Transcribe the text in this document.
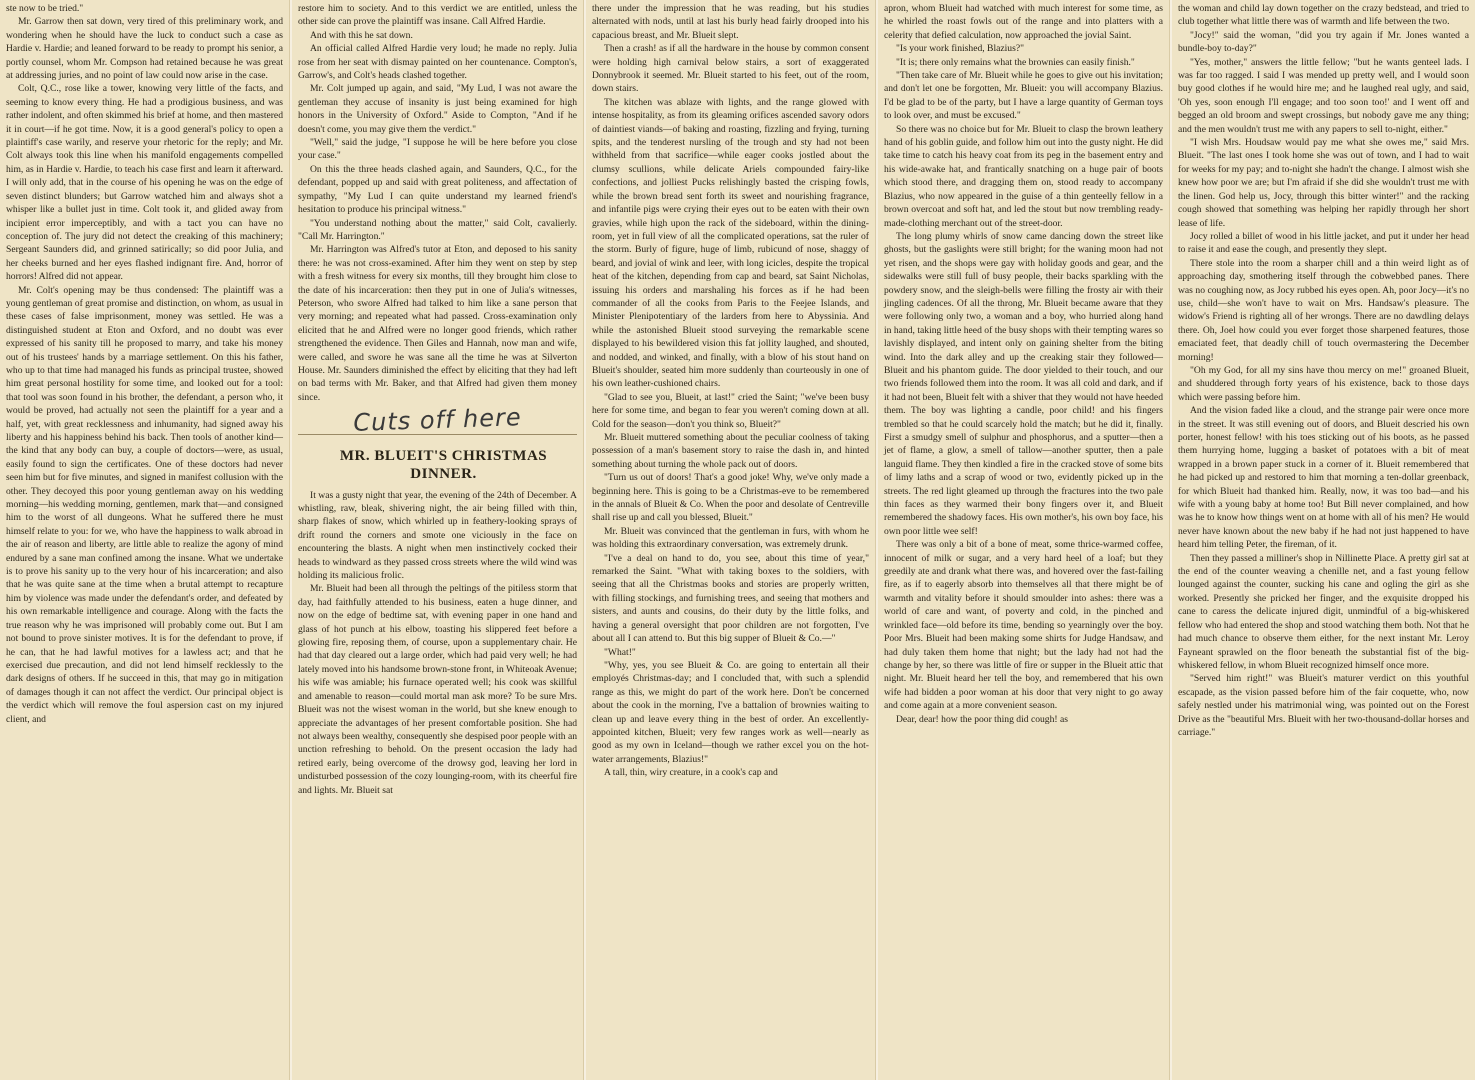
ste now to be tried."

Mr. Garrow then sat down, very tired of this preliminary work, and wondering when he should have the luck to conduct such a case as Hardie v. Hardie; and leaned forward to be ready to prompt his senior, a portly counsel, whom Mr. Compson had retained because he was great at addressing juries, and no point of law could now arise in the case.

Colt, Q.C., rose like a tower, knowing very little of the facts, and seeming to know every thing. He had a prodigious business, and was rather indolent, and often skimmed his brief at home, and then mastered it in court—if he got time. Now, it is a good general's policy to open a plaintiff's case warily, and reserve your rhetoric for the reply; and Mr. Colt always took this line when his manifold engagements compelled him, as in Hardie v. Hardie, to teach his case first and learn it afterward. I will only add, that in the course of his opening he was on the edge of seven distinct blunders; but Garrow watched him and always shot a whisper like a bullet just in time. Colt took it, and glided away from incipient error imperceptibly, and with a tact you can have no conception of. The jury did not detect the creaking of this machinery; Sergeant Saunders did, and grinned satirically; so did poor Julia, and her cheeks burned and her eyes flashed indignant fire. And, horror of horrors! Alfred did not appear.

Mr. Colt's opening may be thus condensed: The plaintiff was a young gentleman of great promise and distinction, on whom, as usual in these cases of false imprisonment, money was settled. He was a distinguished student at Eton and Oxford, and no doubt was ever expressed of his sanity till he proposed to marry, and take his money out of his trustees' hands by a marriage settlement. On this his father, who up to that time had managed his funds as principal trustee, showed him great personal hostility for some time, and looked out for a tool: that tool was soon found in his brother, the defendant, a person who, it would be proved, had actually not seen the plaintiff for a year and a half, yet, with great recklessness and inhumanity, had signed away his liberty and his happiness behind his back. Then tools of another kind—the kind that any body can buy, a couple of doctors—were, as usual, easily found to sign the certificates. One of these doctors had never seen him but for five minutes, and signed in manifest collusion with the other. They decoyed this poor young gentleman away on his wedding morning—his wedding morning, gentlemen, mark that—and consigned him to the worst of all dungeons. What he suffered there he must himself relate to you: for we, who have the happiness to walk abroad in the air of reason and liberty, are little able to realize the agony of mind endured by a sane man confined among the insane. What we undertake is to prove his sanity up to the very hour of his incarceration; and also that he was quite sane at the time when a brutal attempt to recapture him by violence was made under the defendant's order, and defeated by his own remarkable intelligence and courage. Along with the facts the true reason why he was imprisoned will probably come out. But I am not bound to prove sinister motives. It is for the defendant to prove, if he can, that he had lawful motives for a lawless act; and that he exercised due precaution, and did not lend himself recklessly to the dark designs of others. If he succeed in this, that may go in mitigation of damages though it can not affect the verdict. Our principal object is the verdict which will remove the foul aspersion cast on my injured client, and

restore him to society. And to this verdict we are entitled, unless the other side can prove the plaintiff was insane. Call Alfred Hardie.

And with this he sat down.

An official called Alfred Hardie very loud; he made no reply. Julia rose from her seat with dismay painted on her countenance. Compton's, Garrow's, and Colt's heads clashed together.

Mr. Colt jumped up again, and said, "My Lud, I was not aware the gentleman they accuse of insanity is just being examined for high honors in the University of Oxford." Aside to Compton, "And if he doesn't come, you may give them the verdict."

"Well," said the judge, "I suppose he will be here before you close your case."

On this the three heads clashed again, and Saunders, Q.C., for the defendant, popped up and said with great politeness, and affectation of sympathy, "My Lud I can quite understand my learned friend's hesitation to produce his principal witness."

"You understand nothing about the matter," said Colt, cavalierly. "Call Mr. Harrington."

Mr. Harrington was Alfred's tutor at Eton, and deposed to his sanity there: he was not cross-examined. After him they went on step by step with a fresh witness for every six months, till they brought him close to the date of his incarceration: then they put in one of Julia's witnesses, Peterson, who swore Alfred had talked to him like a sane person that very morning; and repeated what had passed. Cross-examination only elicited that he and Alfred were no longer good friends, which rather strengthened the evidence. Then Giles and Hannah, now man and wife, were called, and swore he was sane all the time he was at Silverton House. Mr. Saunders diminished the effect by eliciting that they had left on bad terms with Mr. Baker, and that Alfred had given them money since.

Cuts off here

MR. BLUEIT'S CHRISTMAS

DINNER.

It was a gusty night that year, the evening of the 24th of December. A whistling, raw, bleak, shivering night, the air being filled with thin, sharp flakes of snow, which whirled up in feathery-looking sprays of drift round the corners and smote one viciously in the face on encountering the blasts. A night when men instinctively cocked their heads to windward as they passed cross streets where the wild wind was holding its malicious frolic.

Mr. Blueit had been all through the peltings of the pitiless storm that day, had faithfully attended to his business, eaten a huge dinner, and now on the edge of bedtime sat, with evening paper in one hand and glass of hot punch at his elbow, toasting his slippered feet before a glowing fire, reposing them, of course, upon a supplementary chair. He had that day cleared out a large order, which had paid very well; he had lately moved into his handsome brown-stone front, in Whiteoak Avenue; his wife was amiable; his furnace operated well; his cook was skillful and amenable to reason—could mortal man ask more? To be sure Mrs. Blueit was not the wisest woman in the world, but she knew enough to appreciate the advantages of her present comfortable position. She had not always been wealthy, consequently she despised poor people with an unction refreshing to behold. On the present occasion the lady had retired early, being overcome of the drowsy god, leaving her lord in undisturbed possession of the cozy lounging-room, with its cheerful fire and lights. Mr. Blueit sat

there under the impression that he was reading, but his studies alternated with nods, until at last his burly head fairly drooped into his capacious breast, and Mr. Blueit slept.

Then a crash! as if all the hardware in the house by common consent were holding high carnival below stairs, a sort of exaggerated Donnybrook it seemed. Mr. Blueit started to his feet, out of the room, down stairs.

The kitchen was ablaze with lights, and the range glowed with intense hospitality, as from its gleaming orifices ascended savory odors of daintiest viands—of baking and roasting, fizzling and frying, turning spits, and the tenderest nursling of the trough and sty had not been withheld from that sacrifice—while eager cooks jostled about the clumsy scullions, while delicate Ariels compounded fairy-like confections, and jolliest Pucks relishingly basted the crisping fowls, while the brown bread sent forth its sweet and nourishing fragrance, and infantile pigs were crying their eyes out to be eaten with their own gravies, while high upon the rack of the sideboard, within the dining-room, yet in full view of all the complicated operations, sat the ruler of the storm. Burly of figure, huge of limb, rubicund of nose, shaggy of beard, and jovial of wink and leer, with long icicles, despite the tropical heat of the kitchen, depending from cap and beard, sat Saint Nicholas, issuing his orders and marshaling his forces as if he had been commander of all the cooks from Paris to the Feejee Islands, and Minister Plenipotentiary of the larders from here to Abyssinia. And while the astonished Blueit stood surveying the remarkable scene displayed to his bewildered vision this fat jollity laughed, and shouted, and nodded, and winked, and finally, with a blow of his stout hand on Blueit's shoulder, seated him more suddenly than courteously in one of his own leather-cushioned chairs.

"Glad to see you, Blueit, at last!" cried the Saint; "we've been busy here for some time, and began to fear you weren't coming down at all. Cold for the season—don't you think so, Blueit?"

Mr. Blueit muttered something about the peculiar coolness of taking possession of a man's basement story to raise the dash in, and hinted something about turning the whole pack out of doors.

"Turn us out of doors! That's a good joke! Why, we've only made a beginning here. This is going to be a Christmas-eve to be remembered in the annals of Blueit & Co. When the poor and desolate of Centreville shall rise up and call you blessed, Blueit."

Mr. Blueit was convinced that the gentleman in furs, with whom he was holding this extraordinary conversation, was extremely drunk.

"I've a deal on hand to do, you see, about this time of year," remarked the Saint. "What with taking boxes to the soldiers, with seeing that all the Christmas books and stories are properly written, with filling stockings, and furnishing trees, and seeing that mothers and sisters, and aunts and cousins, do their duty by the little folks, and having a general oversight that poor children are not forgotten, I've about all I can attend to. But this big supper of Blueit & Co.—"

"What!"

"Why, yes, you see Blueit & Co. are going to entertain all their employés Christmas-day; and I concluded that, with such a splendid range as this, we might do part of the work here. Don't be concerned about the cook in the morning, I've a battalion of brownies waiting to clean up and leave every thing in the best of order. An excellently-appointed kitchen, Blueit; very few ranges work as well—nearly as good as my own in Iceland—though we rather excel you on the hot-water arrangements, Blazius!"

A tall, thin, wiry creature, in a cook's cap and

apron, whom Blueit had watched with much interest for some time, as he whirled the roast fowls out of the range and into platters with a celerity that defied calculation, now approached the jovial Saint.

"Is your work finished, Blazius?"

"It is; there only remains what the brownies can easily finish."

"Then take care of Mr. Blueit while he goes to give out his invitation; and don't let one be forgotten, Mr. Blueit: you will accompany Blazius. I'd be glad to be of the party, but I have a large quantity of German toys to look over, and must be excused."

So there was no choice but for Mr. Blueit to clasp the brown leathery hand of his goblin guide, and follow him out into the gusty night. He did take time to catch his heavy coat from its peg in the basement entry and his wide-awake hat, and frantically snatching on a huge pair of boots which stood there, and dragging them on, stood ready to accompany Blazius, who now appeared in the guise of a thin genteelly fellow in a brown overcoat and soft hat, and led the stout but now trembling ready-made-clothing merchant out of the street-door.

The long plumy whirls of snow came dancing down the street like ghosts, but the gaslights were still bright; for the waning moon had not yet risen, and the shops were gay with holiday goods and gear, and the sidewalks were still full of busy people, their backs sparkling with the powdery snow, and the sleigh-bells were filling the frosty air with their jingling cadences. Of all the throng, Mr. Blueit became aware that they were following only two, a woman and a boy, who hurried along hand in hand, taking little heed of the busy shops with their tempting wares so lavishly displayed, and intent only on gaining shelter from the biting wind. Into the dark alley and up the creaking stair they followed—Blueit and his phantom guide. The door yielded to their touch, and our two friends followed them into the room. It was all cold and dark, and if it had not been, Blueit felt with a shiver that they would not have heeded them. The boy was lighting a candle, poor child! and his fingers trembled so that he could scarcely hold the match; but he did it, finally. First a smudgy smell of sulphur and phosphorus, and a sputter—then a jet of flame, a glow, a smell of tallow—another sputter, then a pale languid flame. They then kindled a fire in the cracked stove of some bits of limy laths and a scrap of wood or two, evidently picked up in the streets. The red light gleamed up through the fractures into the two pale thin faces as they warmed their bony fingers over it, and Blueit remembered the shadowy faces. His own mother's, his own boy face, his own poor little wee self!

There was only a bit of a bone of meat, some thrice-warmed coffee, innocent of milk or sugar, and a very hard heel of a loaf; but they greedily ate and drank what there was, and hovered over the fast-failing fire, as if to eagerly absorb into themselves all that there might be of warmth and vitality before it should smoulder into ashes: there was a world of care and want, of poverty and cold, in the pinched and wrinkled face—old before its time, bending so yearningly over the boy. Poor Mrs. Blueit had been making some shirts for Judge Handsaw, and had duly taken them home that night; but the lady had not had the change by her, so there was little of fire or supper in the Blueit attic that night. Mr. Blueit heard her tell the boy, and remembered that his own wife had bidden a poor woman at his door that very night to go away and come again at a more convenient season.

Dear, dear! how the poor thing did cough! as

the woman and child lay down together on the crazy bedstead, and tried to club together what little there was of warmth and life between the two.

"Jocy!" said the woman, "did you try again if Mr. Jones wanted a bundle-boy to-day?"

"Yes, mother," answers the little fellow; "but he wants genteel lads. I was far too ragged. I said I was mended up pretty well, and I would soon buy good clothes if he would hire me; and he laughed real ugly, and said, 'Oh yes, soon enough I'll engage; and too soon too!' and I went off and begged an old broom and swept crossings, but nobody gave me any thing; and the men wouldn't trust me with any papers to sell to-night, either."

"I wish Mrs. Houdsaw would pay me what she owes me," said Mrs. Blueit. "The last ones I took home she was out of town, and I had to wait for weeks for my pay; and to-night she hadn't the change. I almost wish she knew how poor we are; but I'm afraid if she did she wouldn't trust me with the linen. God help us, Jocy, through this bitter winter!" and the racking cough showed that something was helping her rapidly through her short lease of life.

Jocy rolled a billet of wood in his little jacket, and put it under her head to raise it and ease the cough, and presently they slept.

There stole into the room a sharper chill and a thin weird light as of approaching day, smothering itself through the cobwebbed panes. There was no coughing now, as Jocy rubbed his eyes open. Ah, poor Jocy—it's no use, child—she won't have to wait on Mrs. Handsaw's pleasure. The widow's Friend is righting all of her wrongs. There are no dawdling delays there. Oh, Joel how could you ever forget those sharpened features, those emaciated feet, that deadly chill of touch overmastering the December morning!

"Oh my God, for all my sins have thou mercy on me!" groaned Blueit, and shuddered through forty years of his existence, back to those days which were passing before him.

And the vision faded like a cloud, and the strange pair were once more in the street. It was still evening out of doors, and Blueit descried his own porter, honest fellow! with his toes sticking out of his boots, as he passed them hurrying home, lugging a basket of potatoes with a bit of meat wrapped in a brown paper stuck in a corner of it. Blueit remembered that he had picked up and restored to him that morning a ten-dollar greenback, for which Blueit had thanked him. Really, now, it was too bad—and his wife with a young baby at home too! But Bill never complained, and how was he to know how things went on at home with all of his men? He would never have known about the new baby if he had not just happened to have heard him telling Peter, the fireman, of it.

Then they passed a milliner's shop in Nillinette Place. A pretty girl sat at the end of the counter weaving a chenille net, and a fast young fellow lounged against the counter, sucking his cane and ogling the girl as she worked. Presently she pricked her finger, and the exquisite dropped his cane to caress the delicate injured digit, unmindful of a big-whiskered fellow who had entered the shop and stood watching them both. Not that he had much chance to observe them either, for the next instant Mr. Leroy Fayneant sprawled on the floor beneath the substantial fist of the big-whiskered fellow, in whom Blueit recognized himself once more.

"Served him right!" was Blueit's maturer verdict on this youthful escapade, as the vision passed before him of the fair coquette, who, now safely nestled under his matrimonial wing, was pointed out on the Forest Drive as the "beautiful Mrs. Blueit with her two-thousand-dollar horses and carriage."
